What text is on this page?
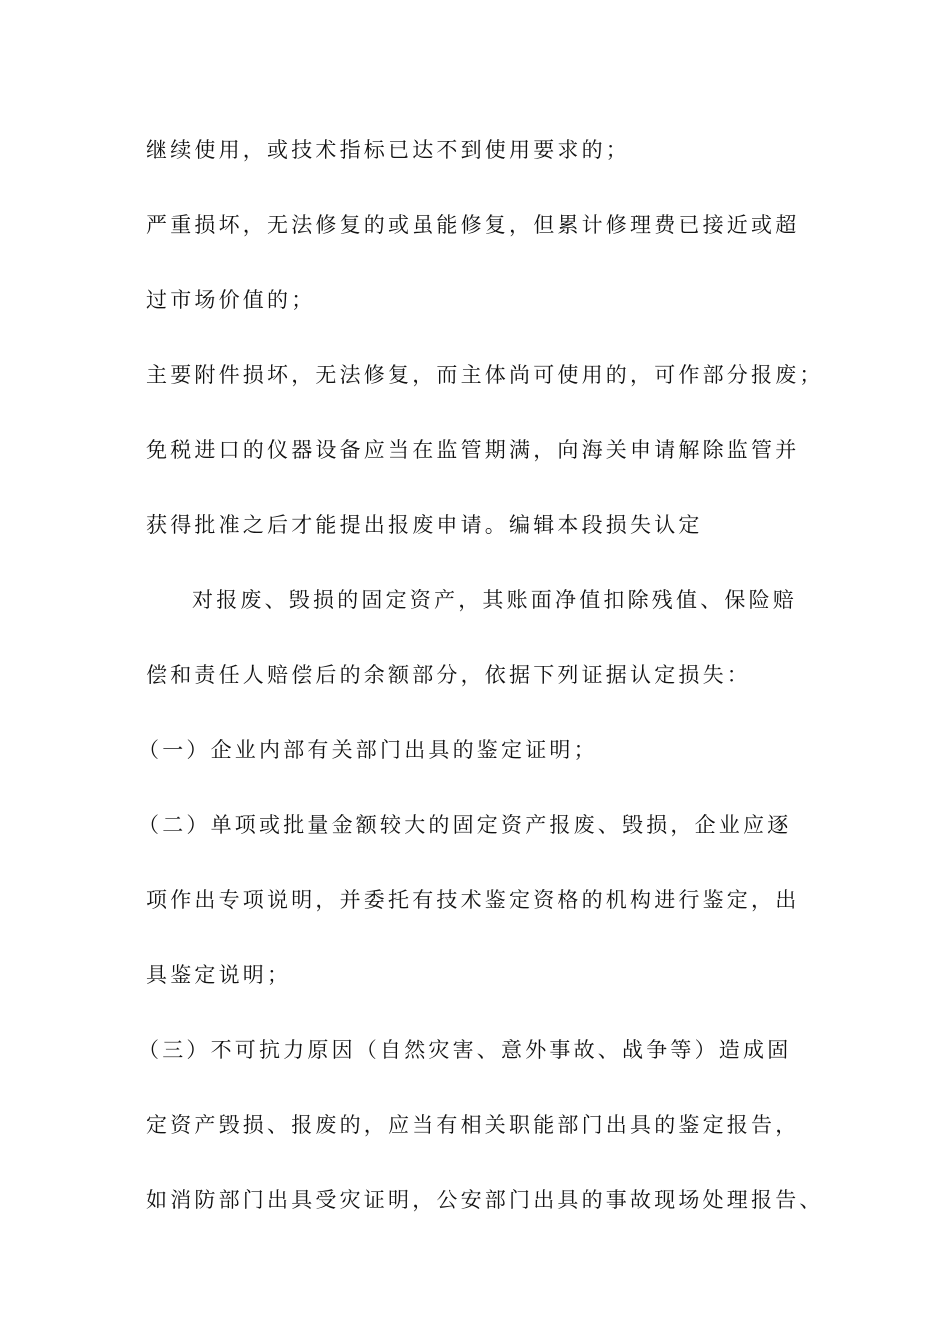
继续使用，或技术指标已达不到使用要求的；
严重损坏，无法修复的或虽能修复，但累计修理费已接近或超
过市场价值的；
主要附件损坏，无法修复，而主体尚可使用的，可作部分报废；
免税进口的仪器设备应当在监管期满，向海关申请解除监管并
获得批准之后才能提出报废申请。编辑本段损失认定
对报废、毁损的固定资产，其账面净值扣除残值、保险赔
偿和责任人赔偿后的余额部分，依据下列证据认定损失：
（一）企业内部有关部门出具的鉴定证明；
（二）单项或批量金额较大的固定资产报废、毁损，企业应逐
项作出专项说明，并委托有技术鉴定资格的机构进行鉴定，出
具鉴定说明；
（三）不可抗力原因（自然灾害、意外事故、战争等）造成固
定资产毁损、报废的，应当有相关职能部门出具的鉴定报告，
如消防部门出具受灾证明，公安部门出具的事故现场处理报告、
